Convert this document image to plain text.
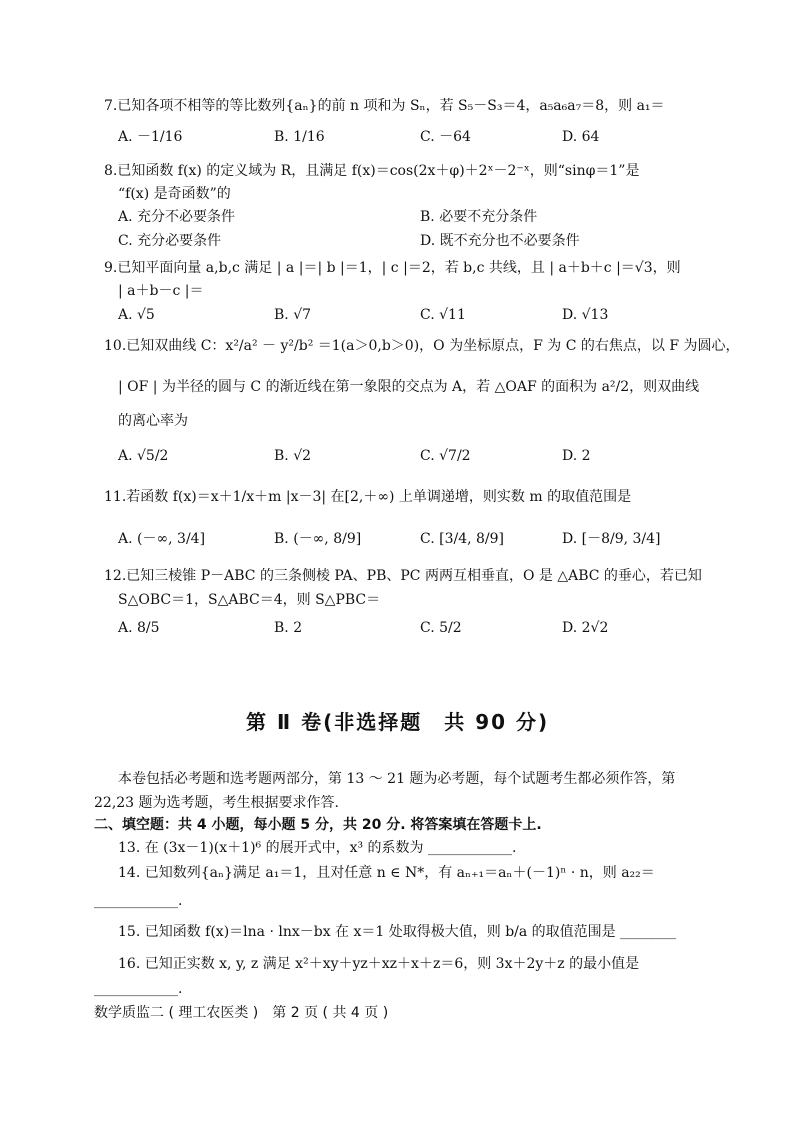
7.已知各项不相等的等比数列{aₙ}的前 n 项和为 Sₙ，若 S₅－S₃＝4，a₅a₆a₇＝8，则 a₁＝
A. －1/16	B. 1/16	C. －64	D. 64
8.已知函数 f(x) 的定义域为 R，且满足 f(x)＝cos(2x＋φ)＋2ˣ－2⁻ˣ，则“sinφ＝1”是
“f(x) 是奇函数”的
A. 充分不必要条件	B. 必要不充分条件
C. 充分必要条件	D. 既不充分也不必要条件
9.已知平面向量 a,b,c 满足 | a |＝| b |＝1，| c |＝2，若 b,c 共线，且 | a＋b＋c |＝√3，则
| a＋b－c |＝
A. √5	B. √7	C. √11	D. √13
10.已知双曲线 C：x²/a² － y²/b² ＝1(a＞0,b＞0)，O 为坐标原点，F 为 C 的右焦点，以 F 为圆心，
| OF | 为半径的圆与 C 的渐近线在第一象限的交点为 A，若 △OAF 的面积为 a²/2，则双曲线
的离心率为
A. √5/2	B. √2	C. √7/2	D. 2
11.若函数 f(x)＝x＋1/x＋m |x－3| 在[2,＋∞) 上单调递增，则实数 m 的取值范围是
A. (－∞, 3/4]	B. (－∞, 8/9]	C. [3/4, 8/9]	D. [－8/9, 3/4]
12.已知三棱锥 P－ABC 的三条侧棱 PA、PB、PC 两两互相垂直，O 是 △ABC 的垂心，若已知
S△OBC＝1，S△ABC＝4，则 S△PBC＝
A. 8/5	B. 2	C. 5/2	D. 2√2
第 Ⅱ 卷(非选择题　共 90 分)
本卷包括必考题和选考题两部分，第 13 ～ 21 题为必考题，每个试题考生都必须作答，第
22,23 题为选考题，考生根据要求作答.
二、填空题：共 4 小题，每小题 5 分，共 20 分. 将答案填在答题卡上.
13. 在 (3x－1)(x＋1)⁶ 的展开式中，x³ 的系数为 ____________.
14. 已知数列{aₙ}满足 a₁＝1，且对任意 n ∈ N*，有 aₙ₊₁＝aₙ＋(－1)ⁿ · n，则 a₂₂＝
____________.
15. 已知函数 f(x)＝lna · lnx－bx 在 x＝1 处取得极大值，则 b/a 的取值范围是 ________
16. 已知正实数 x, y, z 满足 x²＋xy＋yz＋xz＋x＋z＝6，则 3x＋2y＋z 的最小值是
____________.
数学质监二 ( 理工农医类 )　第 2 页 ( 共 4 页 )
